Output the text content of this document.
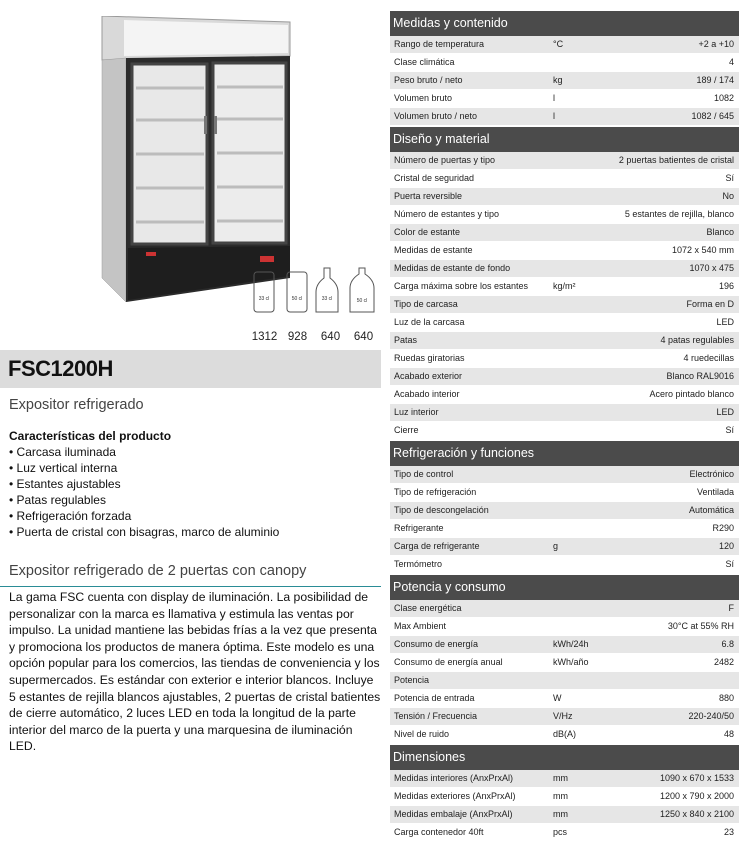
33 cl	50 cl	33 cl	50 cl
1312 928	640	640
FSC1200H
Expositor refrigerado
Características del producto
• Carcasa iluminada
• Luz vertical interna
• Estantes ajustables
• Patas regulables
• Refrigeración forzada
• Puerta de cristal con bisagras, marco de aluminio
Expositor refrigerado de 2 puertas con canopy
La gama FSC cuenta con display de iluminación. La posibilidad de personalizar con la marca es llamativa y estimula las ventas por impulso. La unidad mantiene las bebidas frías a la vez que presenta y promociona los productos de manera óptima. Este modelo es una opción popular para los comercios, las tiendas de conveniencia y los supermercados. Es estándar con exterior e interior blancos. Incluye 5 estantes de rejilla blancos ajustables, 2 puertas de cristal batientes de cierre automático, 2 luces LED en toda la longitud de la parte interior del marco de la puerta y una marquesina de iluminación LED.
Medidas y contenido
Rango de temperatura	°C	+2 a +10
Clase climática	4
Peso bruto / neto	kg	189 / 174
Volumen bruto	l	1082
Volumen bruto / neto	l	1082 / 645
Diseño y material
Número de puertas y tipo	2 puertas batientes de cristal
Cristal de seguridad	Sí
Puerta reversible	No
Número de estantes y tipo	5 estantes de rejilla, blanco
Color de estante	Blanco
Medidas de estante	1072 x 540 mm
Medidas de estante de fondo	1070 x 475
Carga máxima sobre los estantes	kg/m²	196
Tipo de carcasa	Forma en D
Luz de la carcasa	LED
Patas	4 patas regulables
Ruedas giratorias	4 ruedecillas
Acabado exterior	Blanco RAL9016
Acabado interior	Acero pintado blanco
Luz interior	LED
Cierre	Sí
Refrigeración y funciones
Tipo de control	Electrónico
Tipo de refrigeración	Ventilada
Tipo de descongelación	Automática
Refrigerante	R290
Carga de refrigerante	g	120
Termómetro	Sí
Potencia y consumo
Clase energética	F
Max Ambient	30°C at 55% RH
Consumo de energía	kWh/24h	6.8
Consumo de energía anual	kWh/año	2482
Potencia
Potencia de entrada	W	880
Tensión / Frecuencia	V/Hz	220-240/50
Nivel de ruido	dB(A)	48
Dimensiones
Medidas interiores (AnxPrxAl)	mm	1090 x 670 x 1533
Medidas exteriores (AnxPrxAl)	mm	1200 x 790 x 2000
Medidas embalaje (AnxPrxAl)	mm	1250 x 840 x 2100
Carga contenedor 40ft	pcs	23
